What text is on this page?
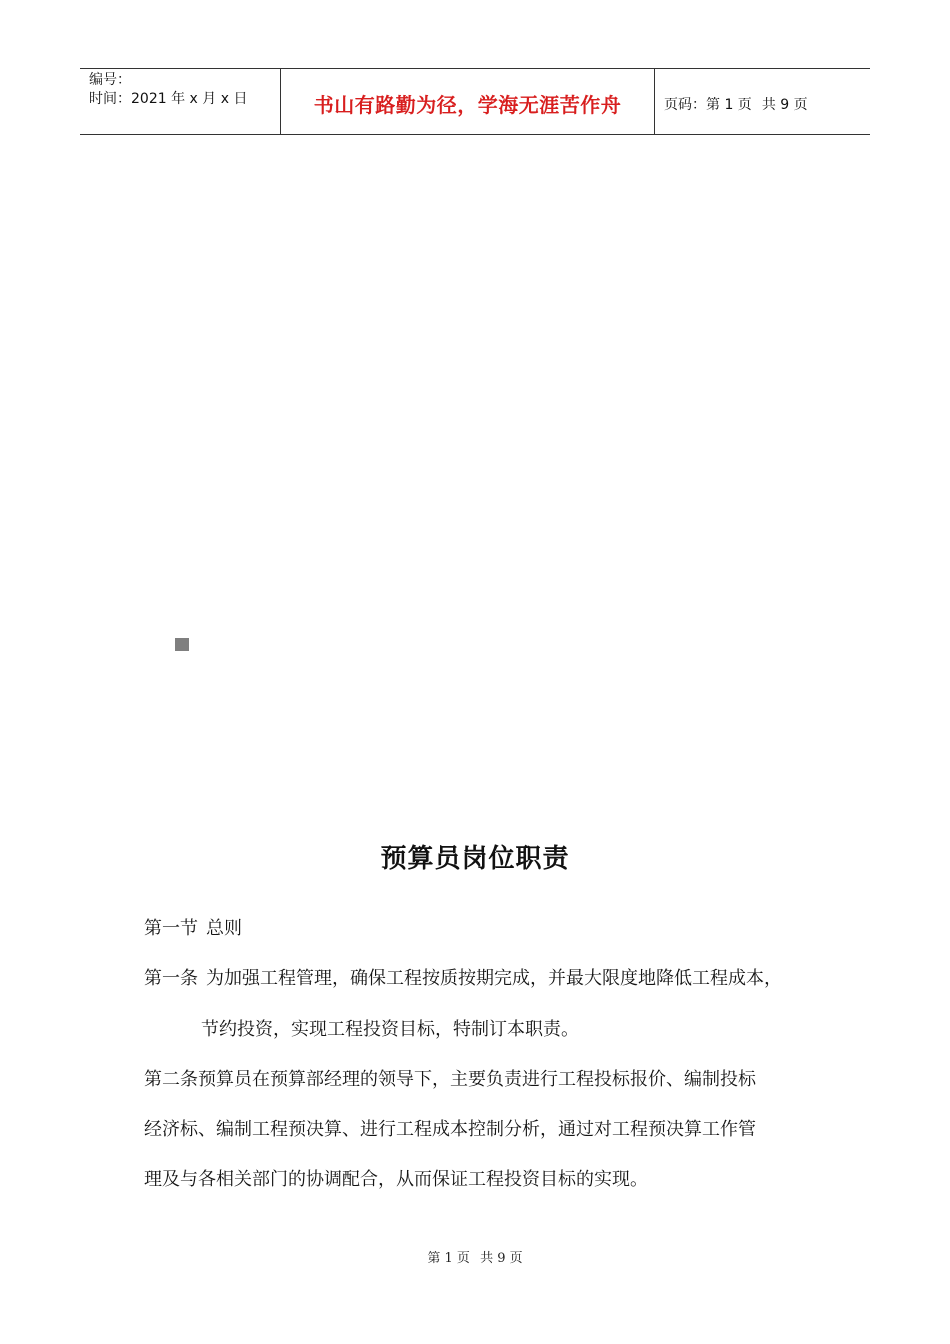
编号：
时间：2021 年 x 月 x 日	书山有路勤为径，学海无涯苦作舟	页码：第 1 页 共 9 页
预算员岗位职责
第一节 总则
第一条 为加强工程管理，确保工程按质按期完成，并最大限度地降低工程成本，
节约投资，实现工程投资目标，特制订本职责。
第二条预算员在预算部经理的领导下，主要负责进行工程投标报价、编制投标
经济标、编制工程预决算、进行工程成本控制分析，通过对工程预决算工作管
理及与各相关部门的协调配合，从而保证工程投资目标的实现。
第 1 页 共 9 页
